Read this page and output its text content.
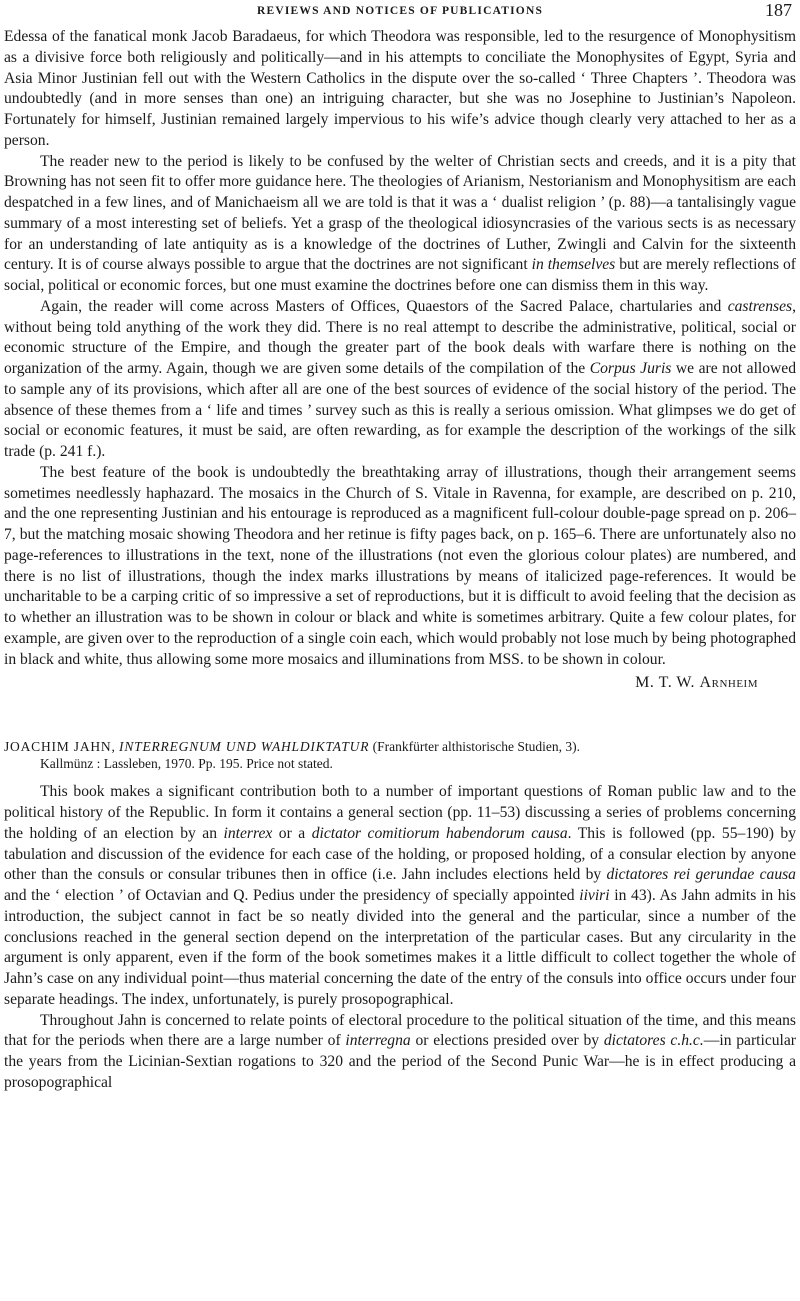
REVIEWS AND NOTICES OF PUBLICATIONS	187

Edessa of the fanatical monk Jacob Baradaeus, for which Theodora was responsible, led to the resurgence of Monophysitism as a divisive force both religiously and politically—and in his attempts to conciliate the Monophysites of Egypt, Syria and Asia Minor Justinian fell out with the Western Catholics in the dispute over the so-called ‘ Three Chapters ’. Theodora was undoubtedly (and in more senses than one) an intriguing character, but she was no Josephine to Justinian’s Napoleon. Fortunately for himself, Justinian remained largely impervious to his wife’s advice though clearly very attached to her as a person.

The reader new to the period is likely to be confused by the welter of Christian sects and creeds, and it is a pity that Browning has not seen fit to offer more guidance here. The theologies of Arianism, Nestorianism and Monophysitism are each despatched in a few lines, and of Manichaeism all we are told is that it was a ‘ dualist religion ’ (p. 88)—a tantalisingly vague summary of a most interesting set of beliefs. Yet a grasp of the theological idiosyncrasies of the various sects is as necessary for an understanding of late antiquity as is a knowledge of the doctrines of Luther, Zwingli and Calvin for the sixteenth century. It is of course always possible to argue that the doctrines are not significant in themselves but are merely reflections of social, political or economic forces, but one must examine the doctrines before one can dismiss them in this way.

Again, the reader will come across Masters of Offices, Quaestors of the Sacred Palace, chartularies and castrenses, without being told anything of the work they did. There is no real attempt to describe the administrative, political, social or economic structure of the Empire, and though the greater part of the book deals with warfare there is nothing on the organization of the army. Again, though we are given some details of the compilation of the Corpus Juris we are not allowed to sample any of its provisions, which after all are one of the best sources of evidence of the social history of the period. The absence of these themes from a ‘ life and times ’ survey such as this is really a serious omission. What glimpses we do get of social or economic features, it must be said, are often rewarding, as for example the description of the workings of the silk trade (p. 241 f.).

The best feature of the book is undoubtedly the breathtaking array of illustrations, though their arrangement seems sometimes needlessly haphazard. The mosaics in the Church of S. Vitale in Ravenna, for example, are described on p. 210, and the one representing Justinian and his entourage is reproduced as a magnificent full-colour double-page spread on p. 206–7, but the matching mosaic showing Theodora and her retinue is fifty pages back, on p. 165–6. There are unfortunately also no page-references to illustrations in the text, none of the illustrations (not even the glorious colour plates) are numbered, and there is no list of illustrations, though the index marks illustrations by means of italicized page-references. It would be uncharitable to be a carping critic of so impressive a set of reproductions, but it is difficult to avoid feeling that the decision as to whether an illustration was to be shown in colour or black and white is sometimes arbitrary. Quite a few colour plates, for example, are given over to the reproduction of a single coin each, which would probably not lose much by being photographed in black and white, thus allowing some more mosaics and illuminations from MSS. to be shown in colour.

M. T. W. Arnheim
JOACHIM JAHN, INTERREGNUM UND WAHLDIKTATUR (Frankfürter althistorische Studien, 3).
Kallmünz : Lassleben, 1970. Pp. 195. Price not stated.

This book makes a significant contribution both to a number of important questions of Roman public law and to the political history of the Republic. In form it contains a general section (pp. 11–53) discussing a series of problems concerning the holding of an election by an interrex or a dictator comitiorum habendorum causa. This is followed (pp. 55–190) by tabulation and discussion of the evidence for each case of the holding, or proposed holding, of a consular election by anyone other than the consuls or consular tribunes then in office (i.e. Jahn includes elections held by dictatores rei gerundae causa and the ‘ election ’ of Octavian and Q. Pedius under the presidency of specially appointed iiviri in 43). As Jahn admits in his introduction, the subject cannot in fact be so neatly divided into the general and the particular, since a number of the conclusions reached in the general section depend on the interpretation of the particular cases. But any circularity in the argument is only apparent, even if the form of the book sometimes makes it a little difficult to collect together the whole of Jahn’s case on any individual point—thus material concerning the date of the entry of the consuls into office occurs under four separate headings. The index, unfortunately, is purely prosopographical.

Throughout Jahn is concerned to relate points of electoral procedure to the political situation of the time, and this means that for the periods when there are a large number of interregna or elections presided over by dictatores c.h.c.—in particular the years from the Licinian-Sextian rogations to 320 and the period of the Second Punic War—he is in effect producing a prosopographical
